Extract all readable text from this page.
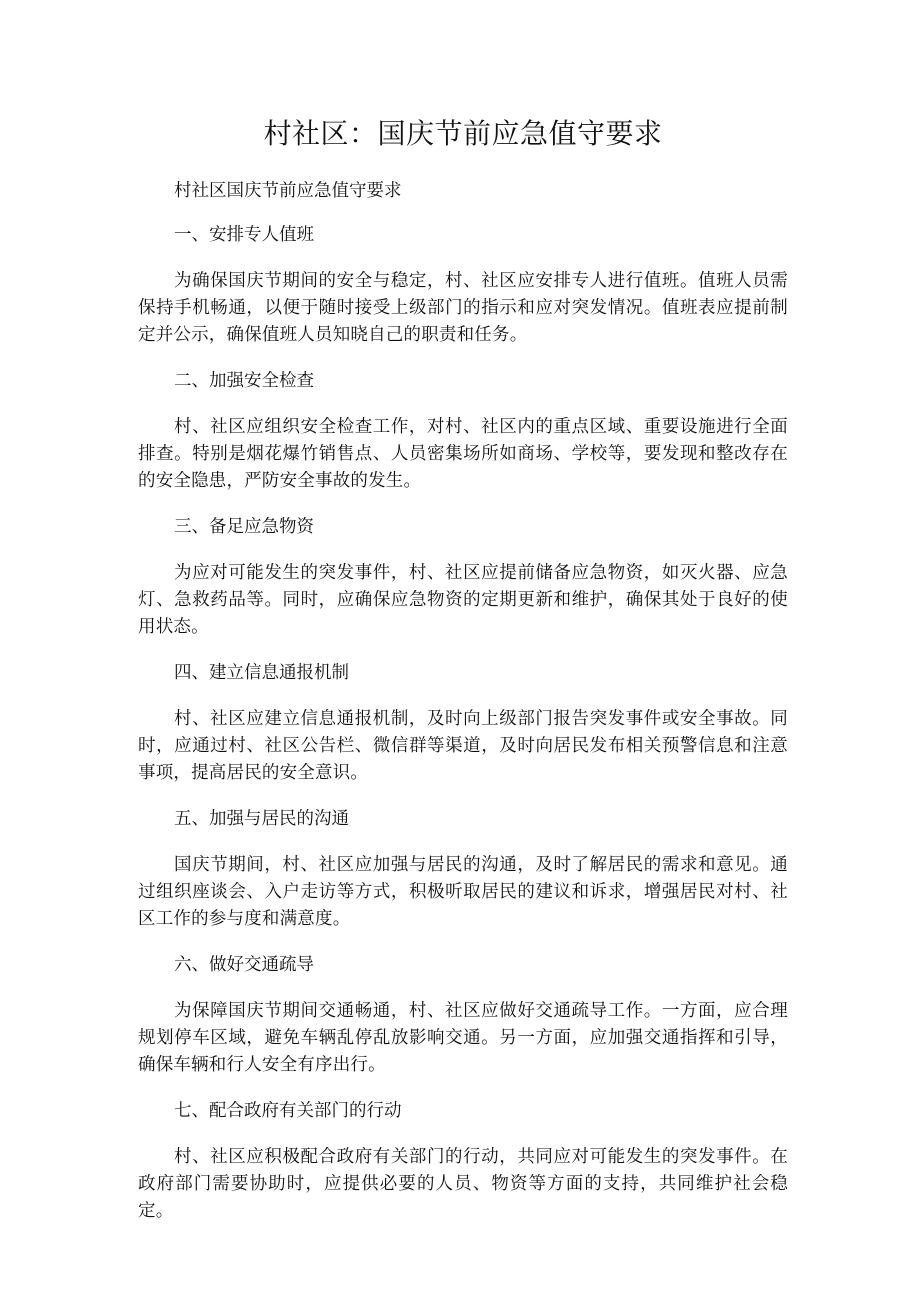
村社区：国庆节前应急值守要求

村社区国庆节前应急值守要求

一、安排专人值班

为确保国庆节期间的安全与稳定，村、社区应安排专人进行值班。值班人员需保持手机畅通，以便于随时接受上级部门的指示和应对突发情况。值班表应提前制定并公示，确保值班人员知晓自己的职责和任务。

二、加强安全检查

村、社区应组织安全检查工作，对村、社区内的重点区域、重要设施进行全面排查。特别是烟花爆竹销售点、人员密集场所如商场、学校等，要发现和整改存在的安全隐患，严防安全事故的发生。

三、备足应急物资

为应对可能发生的突发事件，村、社区应提前储备应急物资，如灭火器、应急灯、急救药品等。同时，应确保应急物资的定期更新和维护，确保其处于良好的使用状态。

四、建立信息通报机制

村、社区应建立信息通报机制，及时向上级部门报告突发事件或安全事故。同时，应通过村、社区公告栏、微信群等渠道，及时向居民发布相关预警信息和注意事项，提高居民的安全意识。

五、加强与居民的沟通

国庆节期间，村、社区应加强与居民的沟通，及时了解居民的需求和意见。通过组织座谈会、入户走访等方式，积极听取居民的建议和诉求，增强居民对村、社区工作的参与度和满意度。

六、做好交通疏导

为保障国庆节期间交通畅通，村、社区应做好交通疏导工作。一方面，应合理规划停车区域，避免车辆乱停乱放影响交通。另一方面，应加强交通指挥和引导，确保车辆和行人安全有序出行。

七、配合政府有关部门的行动

村、社区应积极配合政府有关部门的行动，共同应对可能发生的突发事件。在政府部门需要协助时，应提供必要的人员、物资等方面的支持，共同维护社会稳定。
